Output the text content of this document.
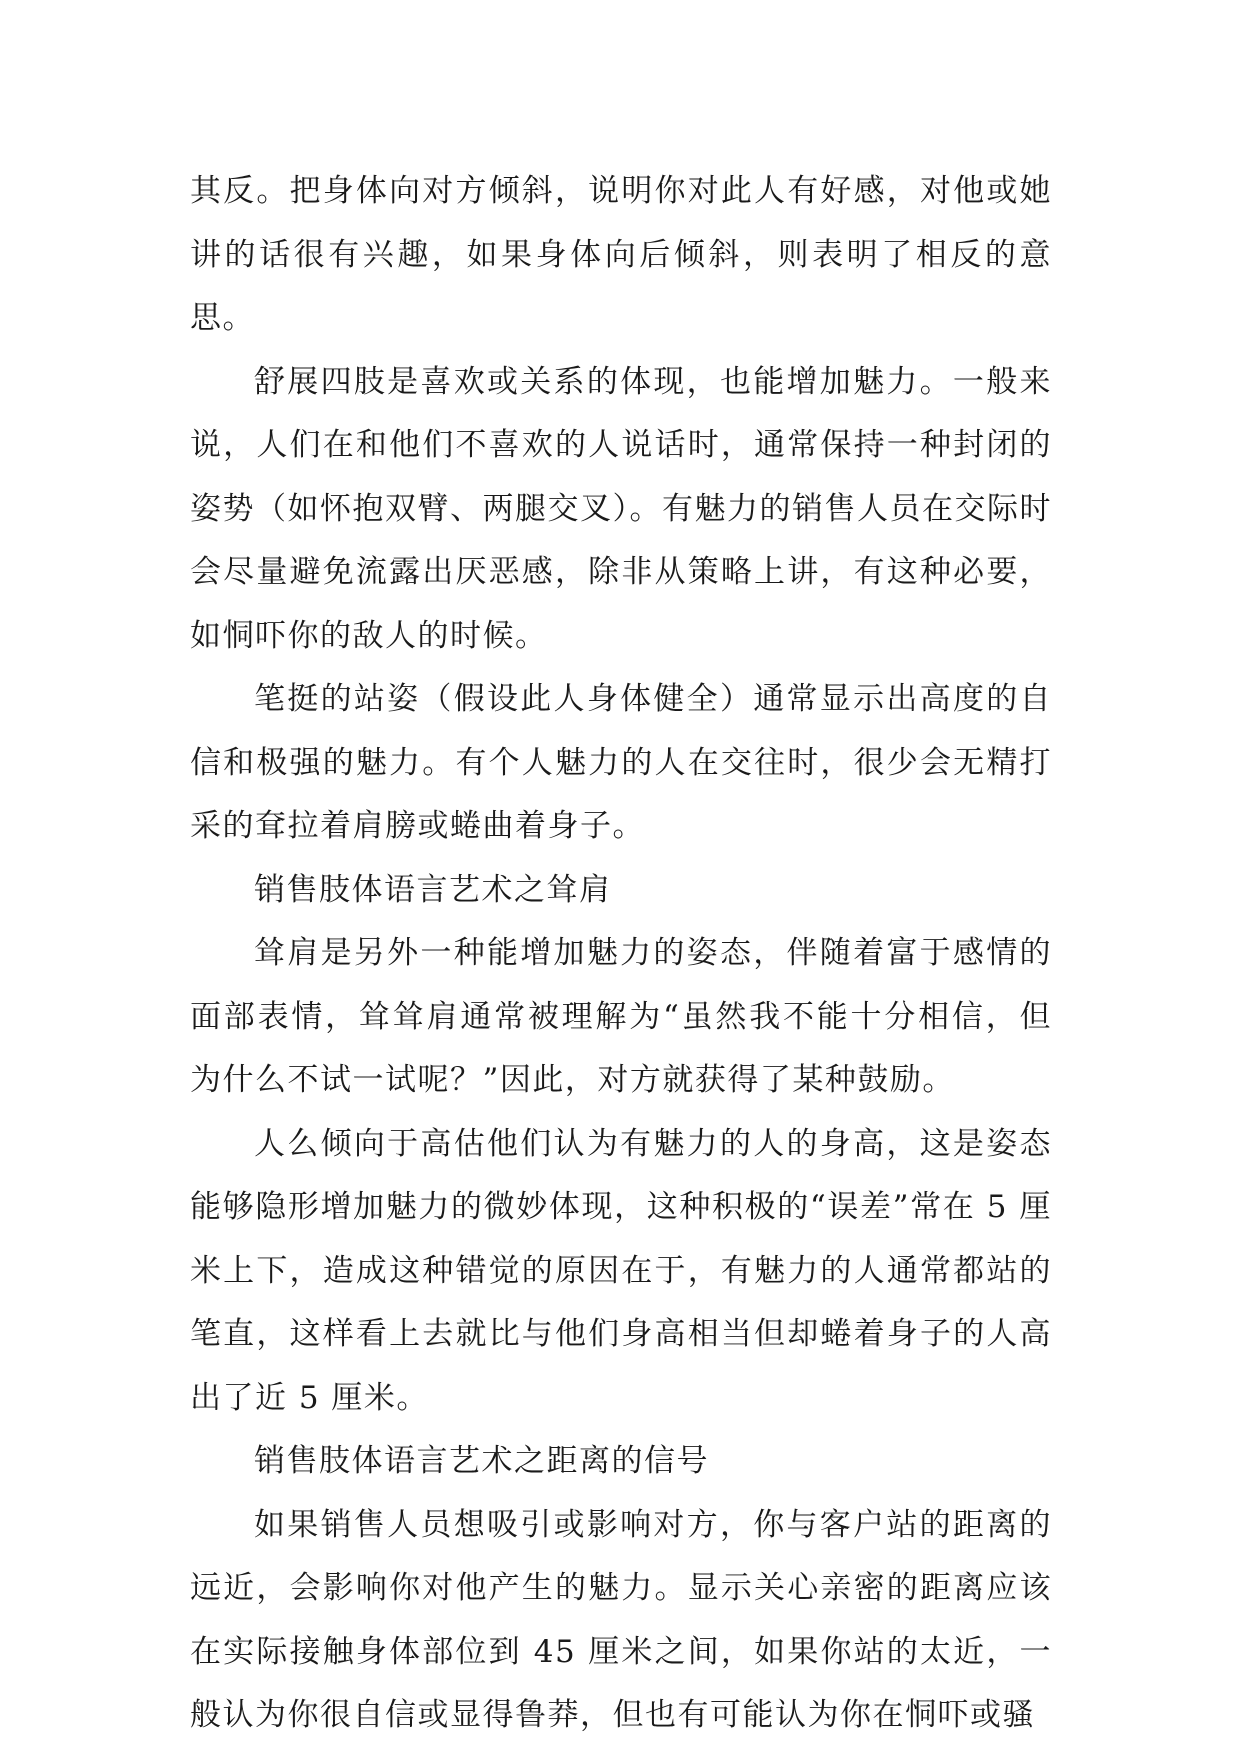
其反。把身体向对方倾斜，说明你对此人有好感，对他或她讲的话很有兴趣，如果身体向后倾斜，则表明了相反的意思。

舒展四肢是喜欢或关系的体现，也能增加魅力。一般来说，人们在和他们不喜欢的人说话时，通常保持一种封闭的姿势（如怀抱双臂、两腿交叉）。有魅力的销售人员在交际时会尽量避免流露出厌恶感，除非从策略上讲，有这种必要，如恫吓你的敌人的时候。

笔挺的站姿（假设此人身体健全）通常显示出高度的自信和极强的魅力。有个人魅力的人在交往时，很少会无精打采的耷拉着肩膀或蜷曲着身子。

销售肢体语言艺术之耸肩

耸肩是另外一种能增加魅力的姿态，伴随着富于感情的面部表情，耸耸肩通常被理解为“虽然我不能十分相信，但为什么不试一试呢？”因此，对方就获得了某种鼓励。

人么倾向于高估他们认为有魅力的人的身高，这是姿态能够隐形增加魅力的微妙体现，这种积极的“误差”常在 5 厘米上下，造成这种错觉的原因在于，有魅力的人通常都站的笔直，这样看上去就比与他们身高相当但却蜷着身子的人高出了近 5 厘米。

销售肢体语言艺术之距离的信号

如果销售人员想吸引或影响对方，你与客户站的距离的远近，会影响你对他产生的魅力。显示关心亲密的距离应该在实际接触身体部位到 45 厘米之间，如果你站的太近，一般认为你很自信或显得鲁莽，但也有可能认为你在恫吓或骚
